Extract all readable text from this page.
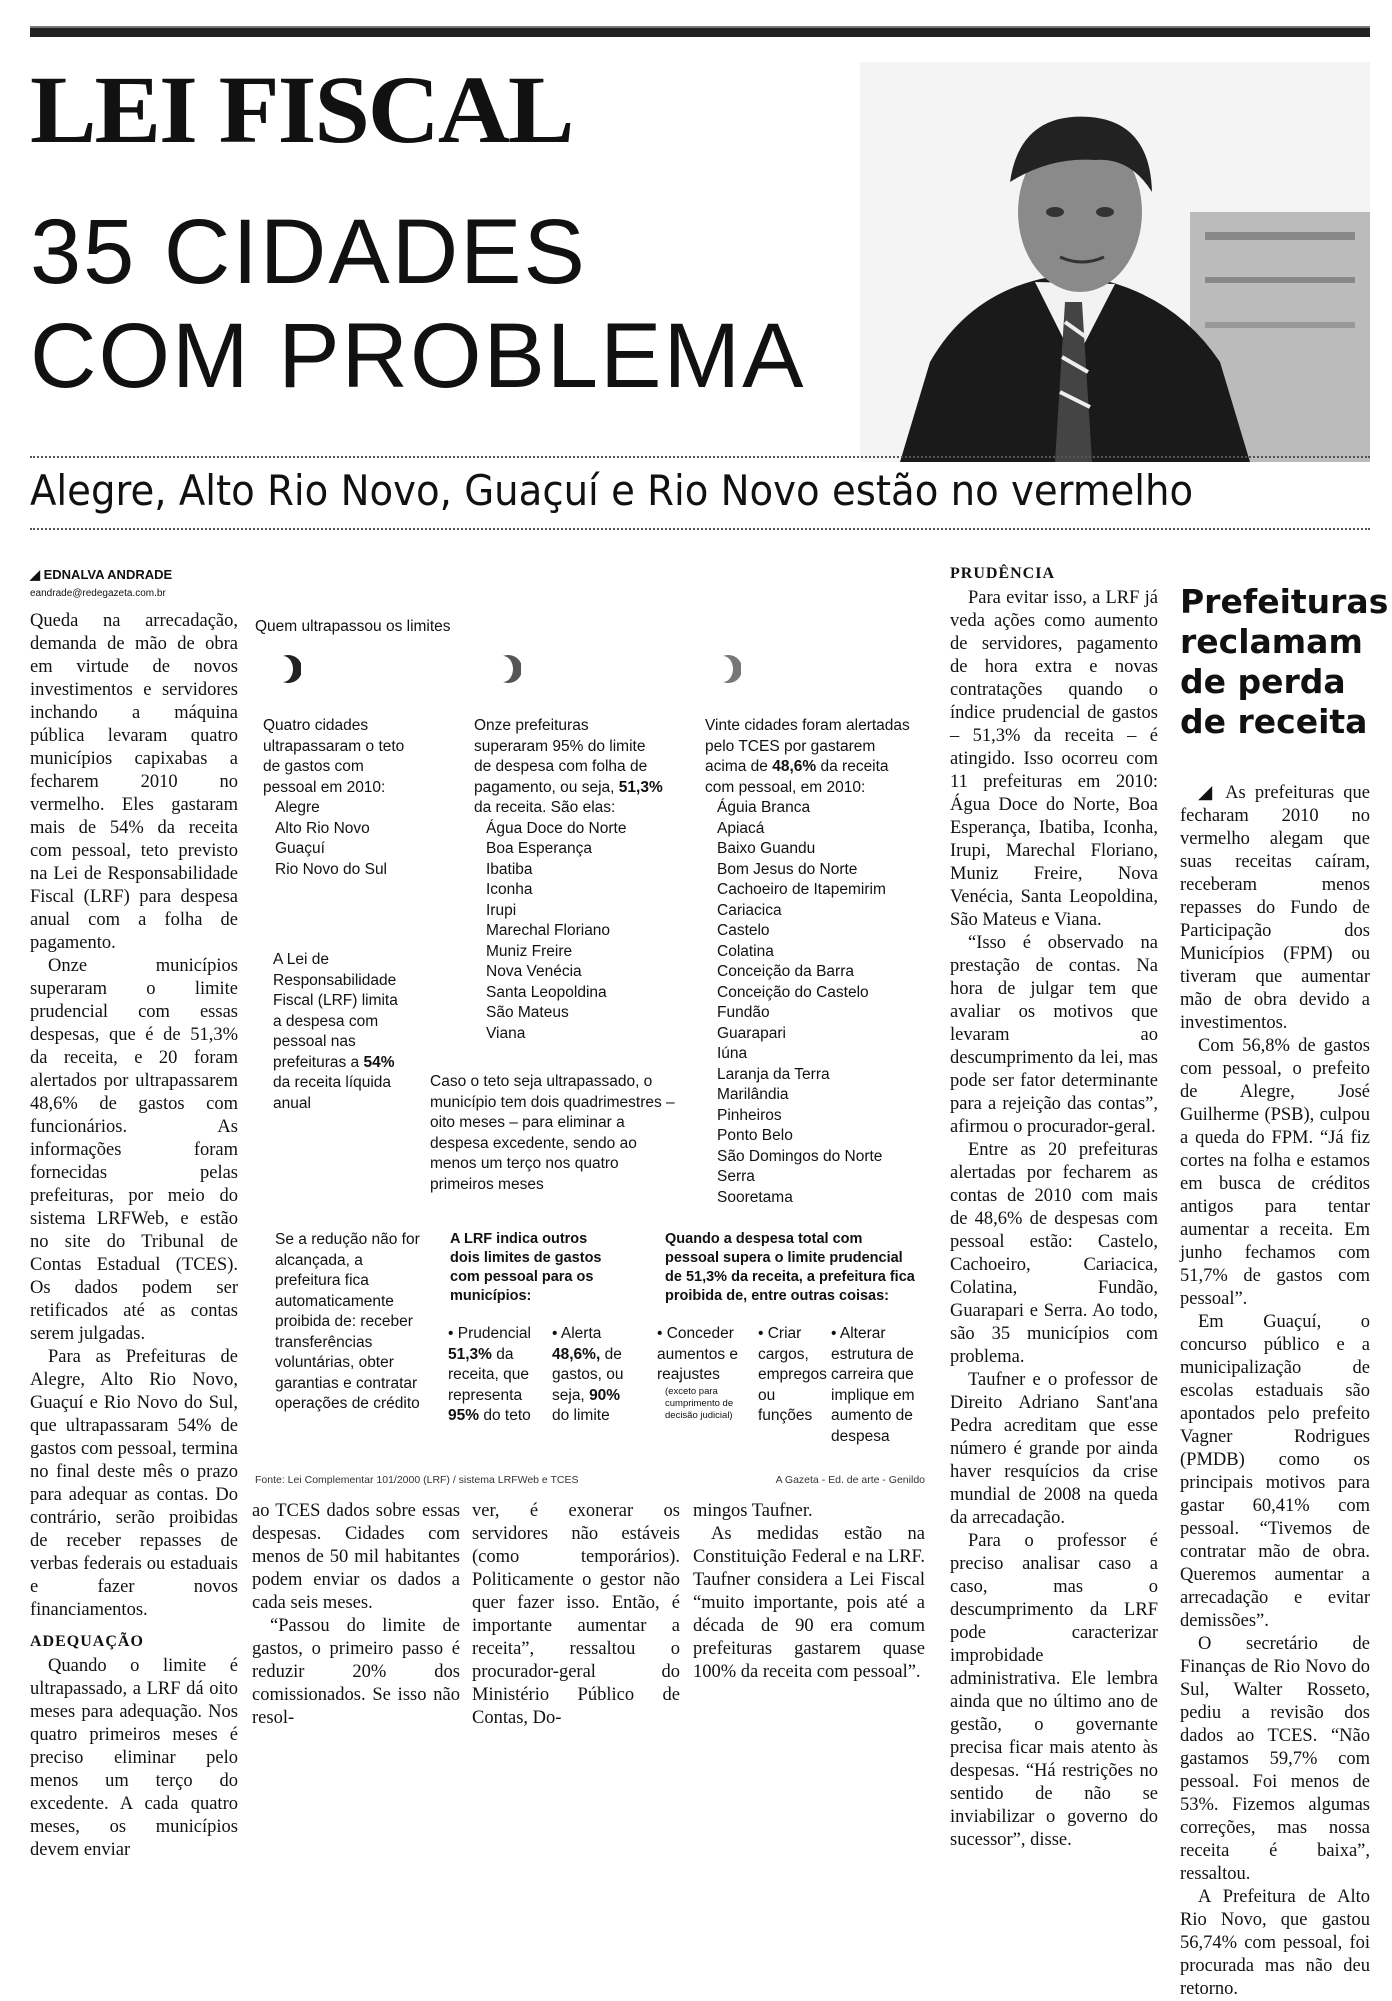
LEI FISCAL
35 CIDADES
COM PROBLEMA
Alegre, Alto Rio Novo, Guaçuí e Rio Novo estão no vermelho
◢ EDNALVA ANDRADE
eandrade@redegazeta.com.br

Queda na arrecadação, demanda de mão de obra em virtude de novos investimentos e servidores inchando a máquina pública levaram quatro municípios capixabas a fecharem 2010 no vermelho. Eles gastaram mais de 54% da receita com pessoal, teto previsto na Lei de Responsabilidade Fiscal (LRF) para despesa anual com a folha de pagamento.

Onze municípios superaram o limite prudencial com essas despesas, que é de 51,3% da receita, e 20 foram alertados por ultrapassarem 48,6% de gastos com funcionários. As informações foram fornecidas pelas prefeituras, por meio do sistema LRFWeb, e estão no site do Tribunal de Contas Estadual (TCES). Os dados podem ser retificados até as contas serem julgadas.

Para as Prefeituras de Alegre, Alto Rio Novo, Guaçuí e Rio Novo do Sul, que ultrapassaram 54% de gastos com pessoal, termina no final deste mês o prazo para adequar as contas. Do contrário, serão proibidas de receber repasses de verbas federais ou estaduais e fazer novos financiamentos.

ADEQUAÇÃO

Quando o limite é ultrapassado, a LRF dá oito meses para adequação. Nos quatro primeiros meses é preciso eliminar pelo menos um terço do excedente. A cada quatro meses, os municípios devem enviar

Quem ultrapassou os limites
Quatro cidades ultrapassaram o teto de gastos com pessoal em 2010:
Alegre
Alto Rio Novo
Guaçuí
Rio Novo do Sul
Onze prefeituras superaram 95% do limite de despesa com folha de pagamento, ou seja, 51,3% da receita. São elas:
Água Doce do Norte
Boa Esperança
Ibatiba
Iconha
Irupi
Marechal Floriano
Muniz Freire
Nova Venécia
Santa Leopoldina
São Mateus
Viana
Vinte cidades foram alertadas pelo TCES por gastarem acima de 48,6% da receita com pessoal, em 2010:
Águia Branca
Apiacá
Baixo Guandu
Bom Jesus do Norte
Cachoeiro de Itapemirim
Cariacica
Castelo
Colatina
Conceição da Barra
Conceição do Castelo
Fundão
Guarapari
Iúna
Laranja da Terra
Marilândia
Pinheiros
Ponto Belo
São Domingos do Norte
Serra
Sooretama
A Lei de Responsabilidade Fiscal (LRF) limita a despesa com pessoal nas prefeituras a 54% da receita líquida anual
Caso o teto seja ultrapassado, o município tem dois quadrimestres – oito meses – para eliminar a despesa excedente, sendo ao menos um terço nos quatro primeiros meses
Se a redução não for alcançada, a prefeitura fica automaticamente proibida de: receber transferências voluntárias, obter garantias e contratar operações de crédito
A LRF indica outros dois limites de gastos com pessoal para os municípios:
• Prudencial 51,3% da receita, que representa 95% do teto
• Alerta 48,6%, de gastos, ou seja, 90% do limite
Quando a despesa total com pessoal supera o limite prudencial de 51,3% da receita, a prefeitura fica proibida de, entre outras coisas:
• Conceder aumentos e reajustes
(exceto para cumprimento de decisão judicial)
• Criar cargos, empregos ou funções
• Alterar estrutura de carreira que implique em aumento de despesa
Fonte: Lei Complementar 101/2000 (LRF) / sistema LRFWeb e TCES	A Gazeta - Ed. de arte - Genildo

ao TCES dados sobre essas despesas. Cidades com menos de 50 mil habitantes podem enviar os dados a cada seis meses.

“Passou do limite de gastos, o primeiro passo é reduzir 20% dos comissionados. Se isso não resol-

ver, é exonerar os servidores não estáveis (como temporários). Politicamente o gestor não quer fazer isso. Então, é importante aumentar a receita”, ressaltou o procurador-geral do Ministério Público de Contas, Do-

mingos Taufner.

As medidas estão na Constituição Federal e na LRF. Taufner considera a Lei Fiscal “muito importante, pois até a década de 90 era comum prefeituras gastarem quase 100% da receita com pessoal”.

PRUDÊNCIA

Para evitar isso, a LRF já veda ações como aumento de servidores, pagamento de hora extra e novas contratações quando o índice prudencial de gastos – 51,3% da receita – é atingido. Isso ocorreu com 11 prefeituras em 2010: Água Doce do Norte, Boa Esperança, Ibatiba, Iconha, Irupi, Marechal Floriano, Muniz Freire, Nova Venécia, Santa Leopoldina, São Mateus e Viana.

“Isso é observado na prestação de contas. Na hora de julgar tem que avaliar os motivos que levaram ao descumprimento da lei, mas pode ser fator determinante para a rejeição das contas”, afirmou o procurador-geral.

Entre as 20 prefeituras alertadas por fecharem as contas de 2010 com mais de 48,6% de despesas com pessoal estão: Castelo, Cachoeiro, Cariacica, Colatina, Fundão, Guarapari e Serra. Ao todo, são 35 municípios com problema.

Taufner e o professor de Direito Adriano Sant'ana Pedra acreditam que esse número é grande por ainda haver resquícios da crise mundial de 2008 na queda da arrecadação.

Para o professor é preciso analisar caso a caso, mas o descumprimento da LRF pode caracterizar improbidade administrativa. Ele lembra ainda que no último ano de gestão, o governante precisa ficar mais atento às despesas. “Há restrições no sentido de não se inviabilizar o governo do sucessor”, disse.

Prefeituras reclamam de perda de receita

◢ As prefeituras que fecharam 2010 no vermelho alegam que suas receitas caíram, receberam menos repasses do Fundo de Participação dos Municípios (FPM) ou tiveram que aumentar mão de obra devido a investimentos.

Com 56,8% de gastos com pessoal, o prefeito de Alegre, José Guilherme (PSB), culpou a queda do FPM. “Já fiz cortes na folha e estamos em busca de créditos antigos para tentar aumentar a receita. Em junho fechamos com 51,7% de gastos com pessoal”.

Em Guaçuí, o concurso público e a municipalização de escolas estaduais são apontados pelo prefeito Vagner Rodrigues (PMDB) como os principais motivos para gastar 60,41% com pessoal. “Tivemos de contratar mão de obra. Queremos aumentar a arrecadação e evitar demissões”.

O secretário de Finanças de Rio Novo do Sul, Walter Rosseto, pediu a revisão dos dados ao TCES. “Não gastamos 59,7% com pessoal. Foi menos de 53%. Fizemos algumas correções, mas nossa receita é baixa”, ressaltou.

A Prefeitura de Alto Rio Novo, que gastou 56,74% com pessoal, foi procurada mas não deu retorno.
